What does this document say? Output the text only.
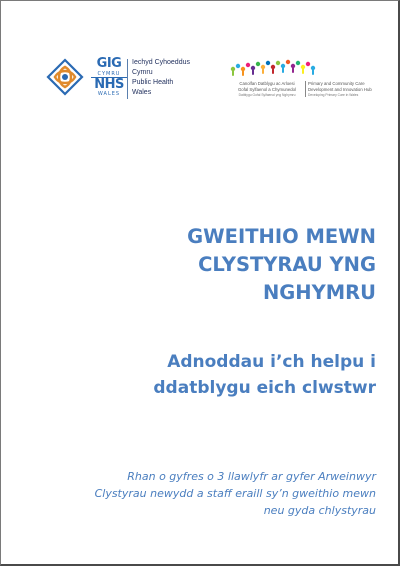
GIG
CYMRU
NHS
WALES
Iechyd Cyhoeddus
Cymru
Public Health
Wales
Canolfan Datblygu ac Arloesi
Gofal Sylfaenol a Chymunedol
Datblygu Gofal Sylfaenol yng Nghymru
Primary and Community Care
Development and Innovation Hub
Developing Primary Care in Wales
GWEITHIO MEWN
CLYSTYRAU YNG
NGHYMRU
Adnoddau i’ch helpu i
ddatblygu eich clwstwr
Rhan o gyfres o 3 llawlyfr ar gyfer Arweinwyr
Clystyrau newydd a staff eraill sy’n gweithio mewn
neu gyda chlystyrau
